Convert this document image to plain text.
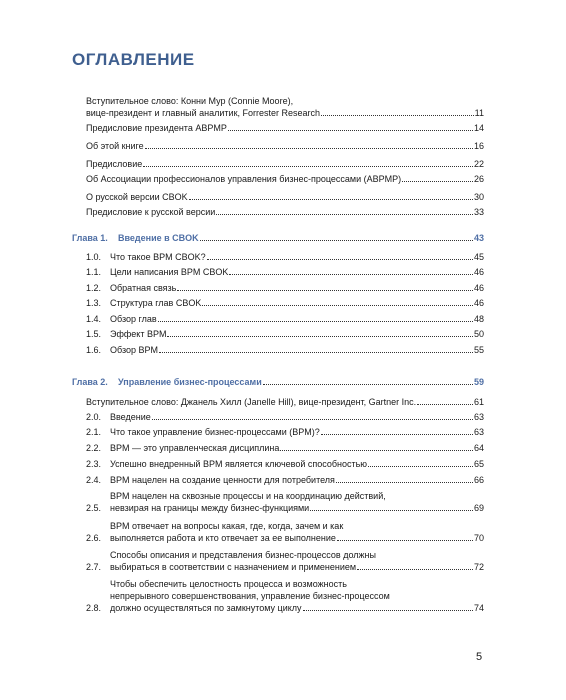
ОГЛАВЛЕНИЕ
Вступительное слово: Конни Мур (Connie Moore),
вице-президент и главный аналитик, Forrester Research	11
Предисловие президента ABPMP	14
Об этой книге	16
Предисловие	22
Об Ассоциации профессионалов управления бизнес-процессами (ABPMP)	26
О русской версии CBOK	30
Предисловие к русской версии	33
Глава 1.	Введение в CBOK	43
1.0. Что такое BPM CBOK?	45
1.1. Цели написания BPM CBOK	46
1.2. Обратная связь	46
1.3. Структура глав CBOK	46
1.4. Обзор глав	48
1.5. Эффект BPM	50
1.6. Обзор BPM	55
Глава 2.	Управление бизнес-процессами	59
Вступительное слово: Джанель Хилл (Janelle Hill), вице-президент, Gartner Inc.	61
2.0. Введение	63
2.1. Что такое управление бизнес-процессами (BPM)?	63
2.2. BPM — это управленческая дисциплина	64
2.3. Успешно внедренный BPM является ключевой способностью	65
2.4. BPM нацелен на создание ценности для потребителя	66
2.5.
BPM нацелен на сквозные процессы и на координацию действий,
невзирая на границы между бизнес-функциями	69
2.6.
BPM отвечает на вопросы какая, где, когда, зачем и как
выполняется работа и кто отвечает за ее выполнение	70
2.7.
Способы описания и представления бизнес-процессов должны
выбираться в соответствии с назначением и применением	72
2.8.
Чтобы обеспечить целостность процесса и возможность
непрерывного совершенствования, управление бизнес-процессом
должно осуществляться по замкнутому циклу	74
5
